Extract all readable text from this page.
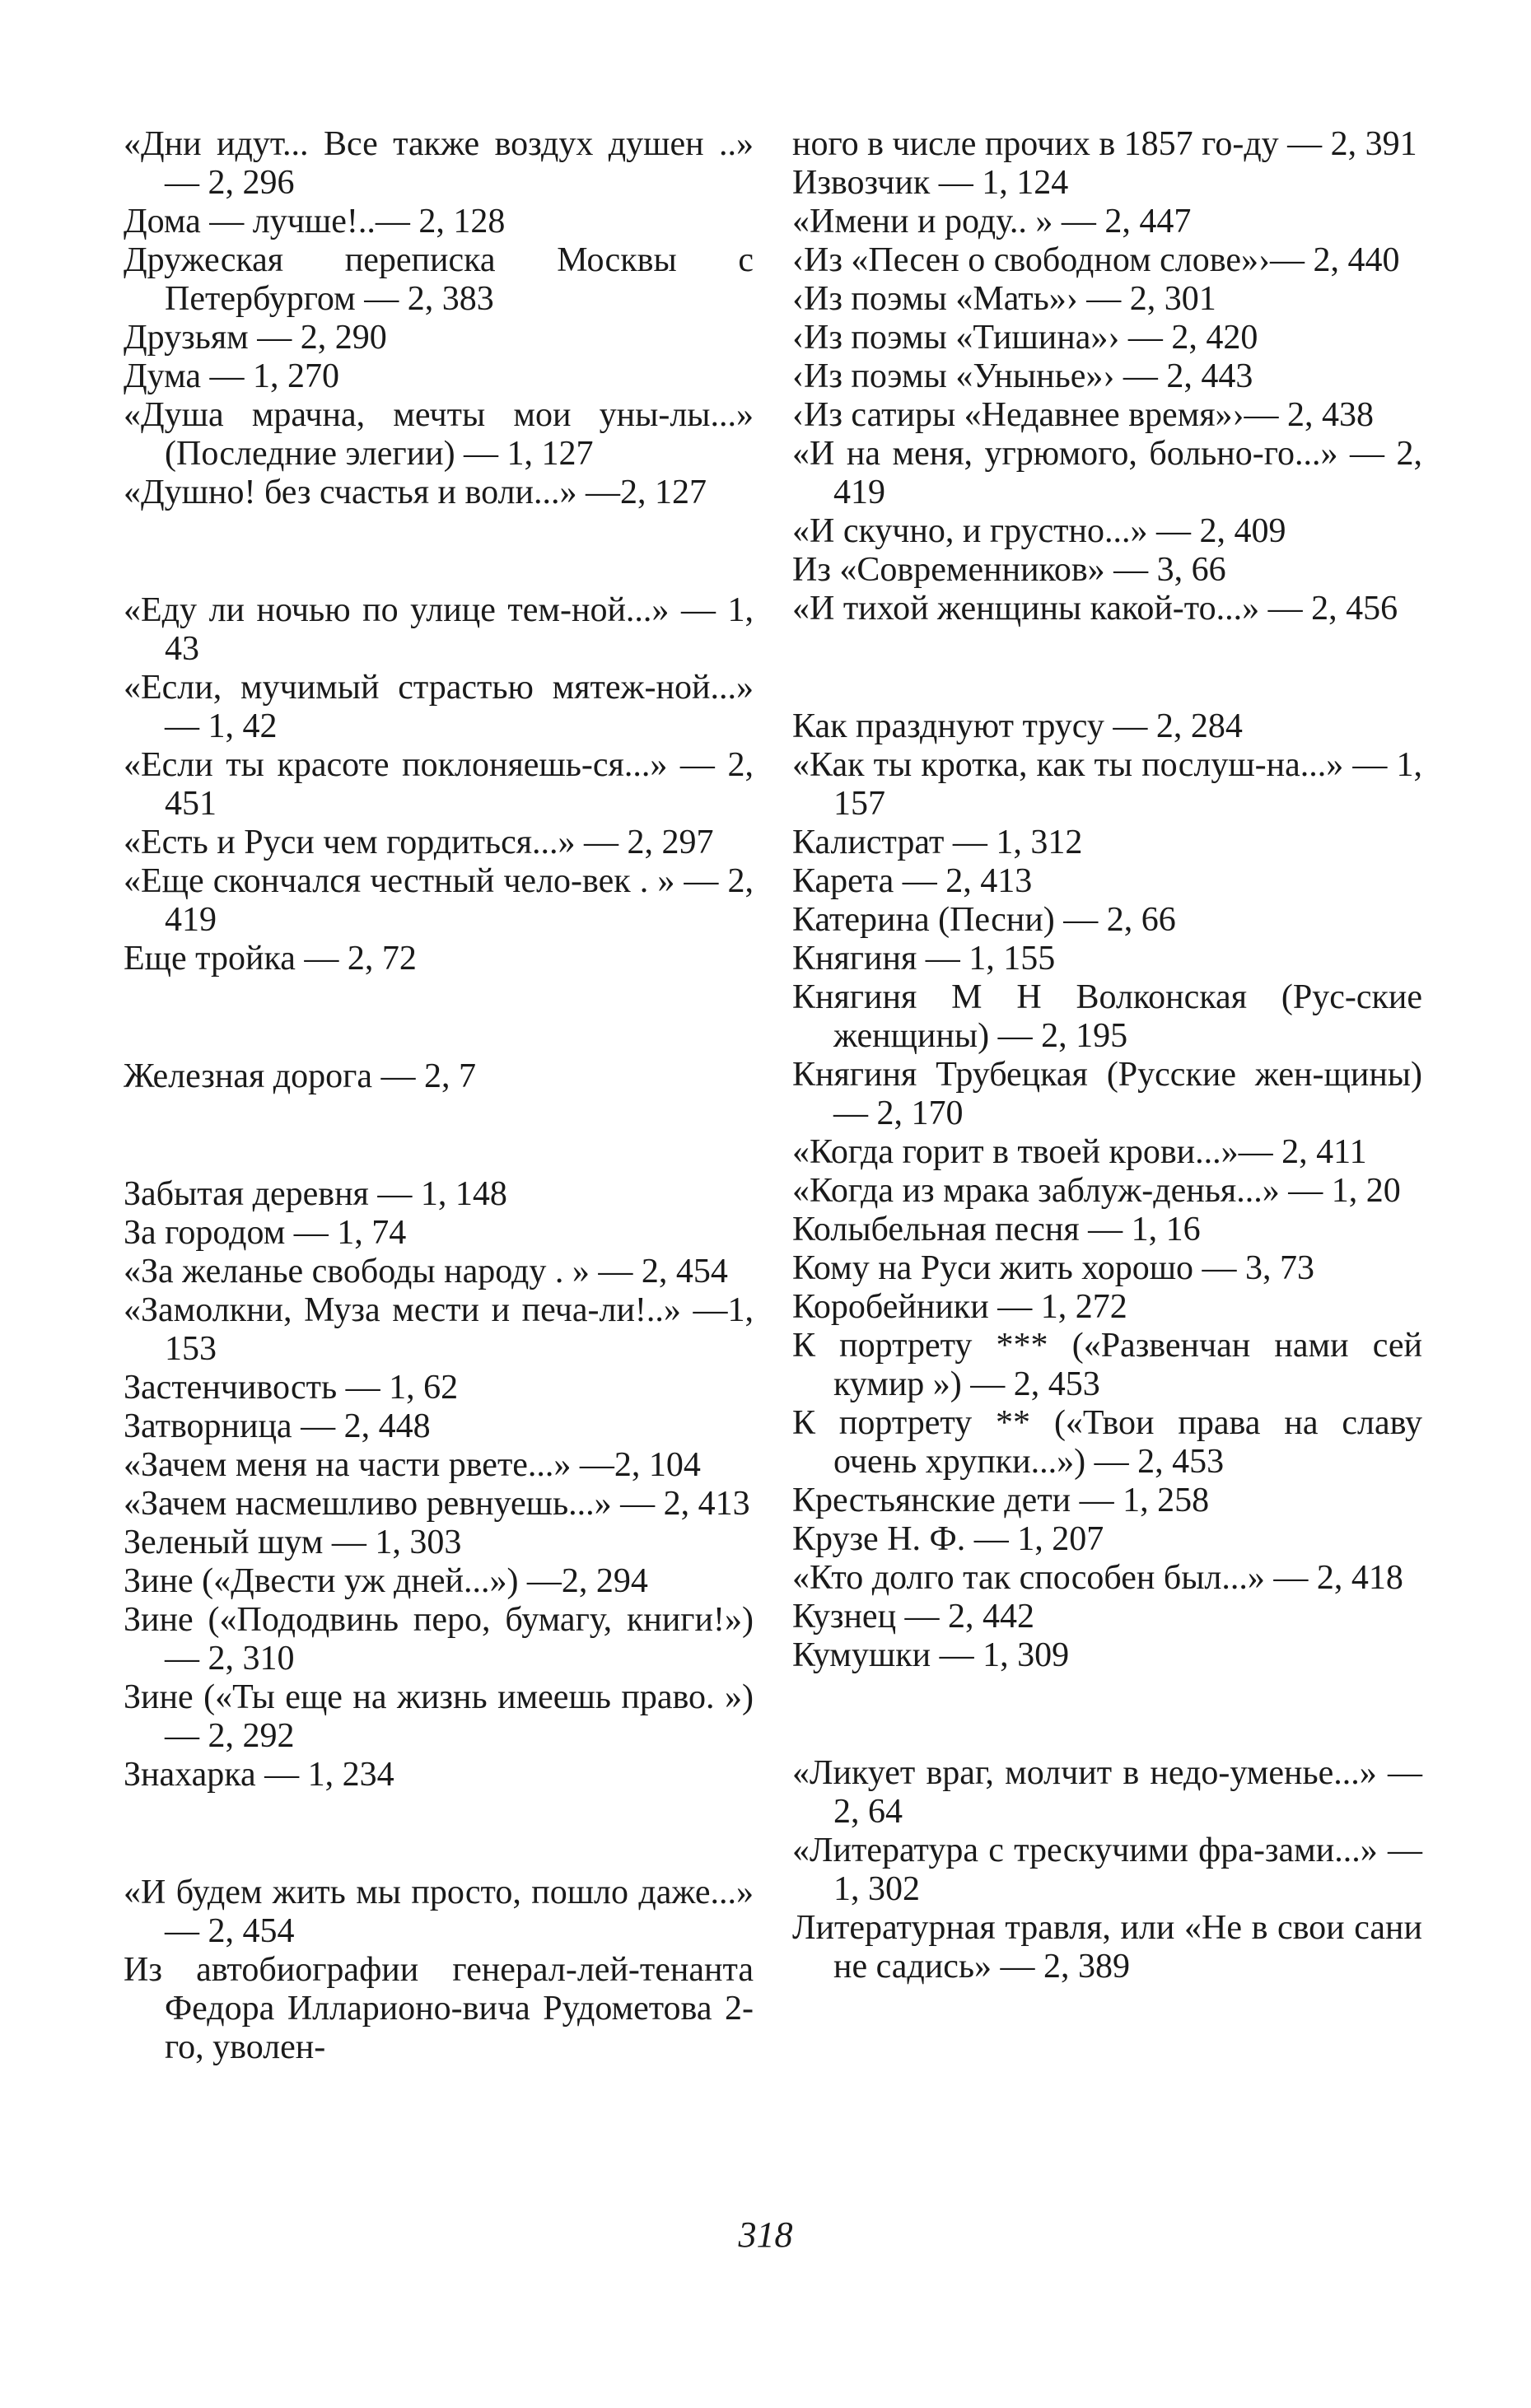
«Дни идут... Все также воздух душен ..» — 2, 296
Дома — лучше!..— 2, 128
Дружеская переписка Москвы с Петербургом — 2, 383
Друзьям — 2, 290
Дума — 1, 270
«Душа мрачна, мечты мои уны-лы...» (Последние элегии) — 1, 127
«Душно! без счастья и воли...» —2, 127
«Еду ли ночью по улице тем-ной...» — 1, 43
«Если, мучимый страстью мятеж-ной...» — 1, 42
«Если ты красоте поклоняешь-ся...» — 2, 451
«Есть и Руси чем гордиться...» — 2, 297
«Еще скончался честный чело-век . » — 2, 419
Еще тройка — 2, 72
Железная дорога — 2, 7
Забытая деревня — 1, 148
За городом — 1, 74
«За желанье свободы народу . » — 2, 454
«Замолкни, Муза мести и печа-ли!..» —1, 153
Застенчивость — 1, 62
Затворница — 2, 448
«Зачем меня на части рвете...» —2, 104
«Зачем насмешливо ревнуешь...» — 2, 413
Зеленый шум — 1, 303
Зине («Двести уж дней...») —2, 294
Зине («Пододвинь перо, бумагу, книги!») — 2, 310
Зине («Ты еще на жизнь имеешь право. ») — 2, 292
Знахарка — 1, 234
«И будем жить мы просто, пошло даже...» — 2, 454
Из автобиографии генерал-лей-тенанта Федора Илларионо-вича Рудометова 2-го, уволен-
ного в числе прочих в 1857 го-ду — 2, 391
Извозчик — 1, 124
«Имени и роду.. » — 2, 447
‹Из «Песен о свободном слове»›— 2, 440
‹Из поэмы «Мать»› — 2, 301
‹Из поэмы «Тишина»› — 2, 420
‹Из поэмы «Уныньe»› — 2, 443
‹Из сатиры «Недавнее время»›— 2, 438
«И на меня, угрюмого, больно-го...» — 2, 419
«И скучно, и грустно...» — 2, 409
Из «Современников» — 3, 66
«И тихой женщины какой-то...» — 2, 456
Как празднуют трусу — 2, 284
«Как ты кротка, как ты послуш-на...» — 1, 157
Калистрат — 1, 312
Карета — 2, 413
Катерина (Песни) — 2, 66
Княгиня — 1, 155
Княгиня М Н Волконская (Рус-ские женщины) — 2, 195
Княгиня Трубецкая (Русские жен-щины) — 2, 170
«Когда горит в твоей крови...»— 2, 411
«Когда из мрака заблуж-денья...» — 1, 20
Колыбельная песня — 1, 16
Кому на Руси жить хорошо — 3, 73
Коробейники — 1, 272
К портрету *** («Развенчан нами сей кумир ») — 2, 453
К портрету ** («Твои права на славу очень хрупки...») — 2, 453
Крестьянские дети — 1, 258
Крузе Н. Ф. — 1, 207
«Кто долго так способен был...» — 2, 418
Кузнец — 2, 442
Кумушки — 1, 309
«Ликует враг, молчит в недо-уменье...» — 2, 64
«Литература с трескучими фра-зами...» — 1, 302
Литературная травля, или «Не в свои сани не садись» — 2, 389
318
